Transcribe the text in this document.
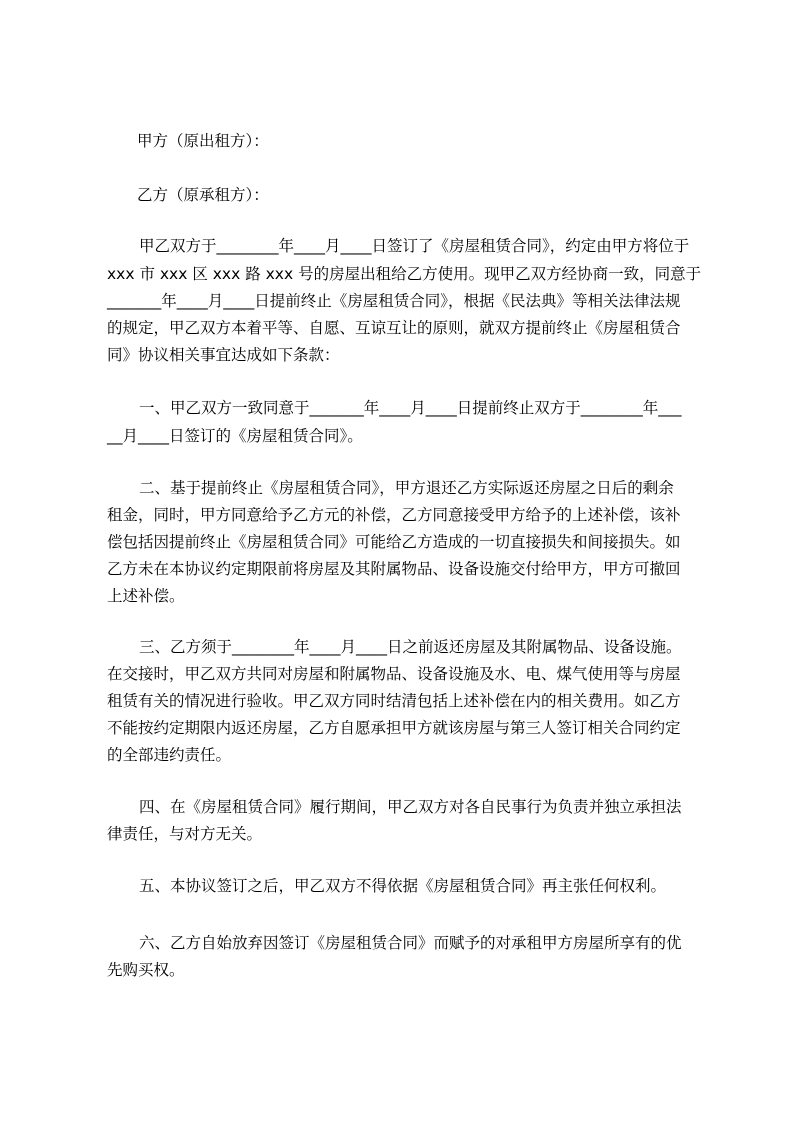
甲方（原出租方）：
乙方（原承租方）：
甲乙双方于________年____月____日签订了《房屋租赁合同》，约定由甲方将位于
xxx 市 xxx 区 xxx 路 xxx 号的房屋出租给乙方使用。现甲乙双方经协商一致，同意于
_______年____月____日提前终止《房屋租赁合同》，根据《民法典》等相关法律法规
的规定，甲乙双方本着平等、自愿、互谅互让的原则，就双方提前终止《房屋租赁合
同》协议相关事宜达成如下条款：
一、甲乙双方一致同意于_______年____月____日提前终止双方于________年___
__月____日签订的《房屋租赁合同》。
二、基于提前终止《房屋租赁合同》，甲方退还乙方实际返还房屋之日后的剩余
租金，同时，甲方同意给予乙方元的补偿，乙方同意接受甲方给予的上述补偿，该补
偿包括因提前终止《房屋租赁合同》可能给乙方造成的一切直接损失和间接损失。如
乙方未在本协议约定期限前将房屋及其附属物品、设备设施交付给甲方，甲方可撤回
上述补偿。
三、乙方须于________年____月____日之前返还房屋及其附属物品、设备设施。
在交接时，甲乙双方共同对房屋和附属物品、设备设施及水、电、煤气使用等与房屋
租赁有关的情况进行验收。甲乙双方同时结清包括上述补偿在内的相关费用。如乙方
不能按约定期限内返还房屋，乙方自愿承担甲方就该房屋与第三人签订相关合同约定
的全部违约责任。
四、在《房屋租赁合同》履行期间，甲乙双方对各自民事行为负责并独立承担法
律责任，与对方无关。
五、本协议签订之后，甲乙双方不得依据《房屋租赁合同》再主张任何权利。
六、乙方自始放弃因签订《房屋租赁合同》而赋予的对承租甲方房屋所享有的优
先购买权。
